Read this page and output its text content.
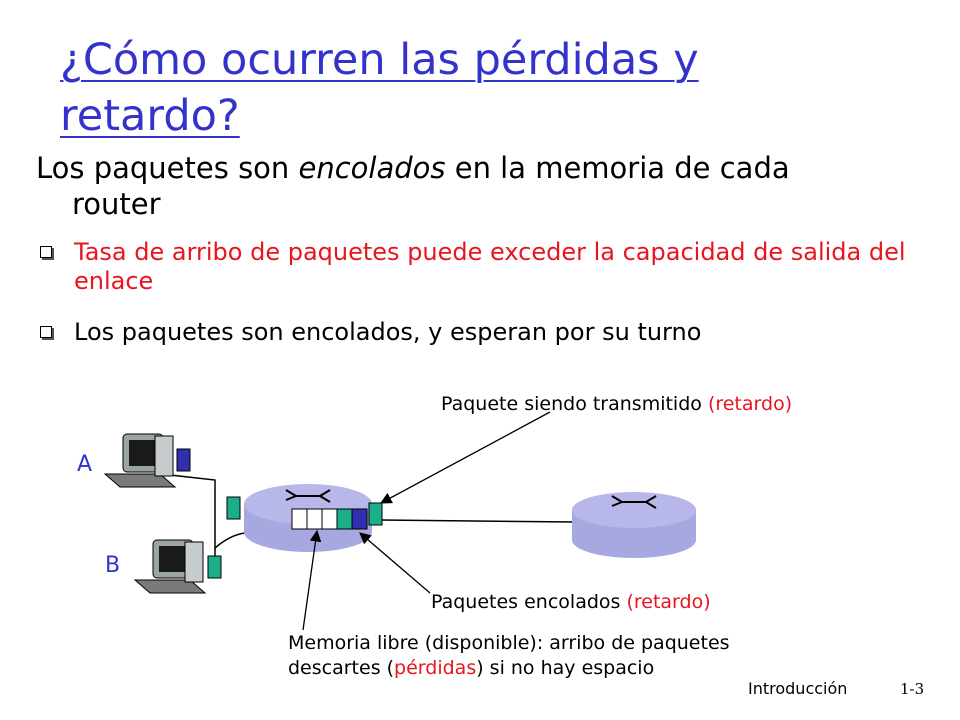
¿Cómo ocurren las pérdidas y retardo?
Los paquetes son encolados en la memoria de cada
router
Tasa de arribo de paquetes puede exceder la capacidad de salida del enlace
Los paquetes son encolados, y esperan por su turno
A
B
Paquete siendo transmitido (retardo)
Paquetes encolados (retardo)
Memoria libre (disponible): arribo de paquetes
descartes (pérdidas) si no hay espacio
Introducción	1-3
